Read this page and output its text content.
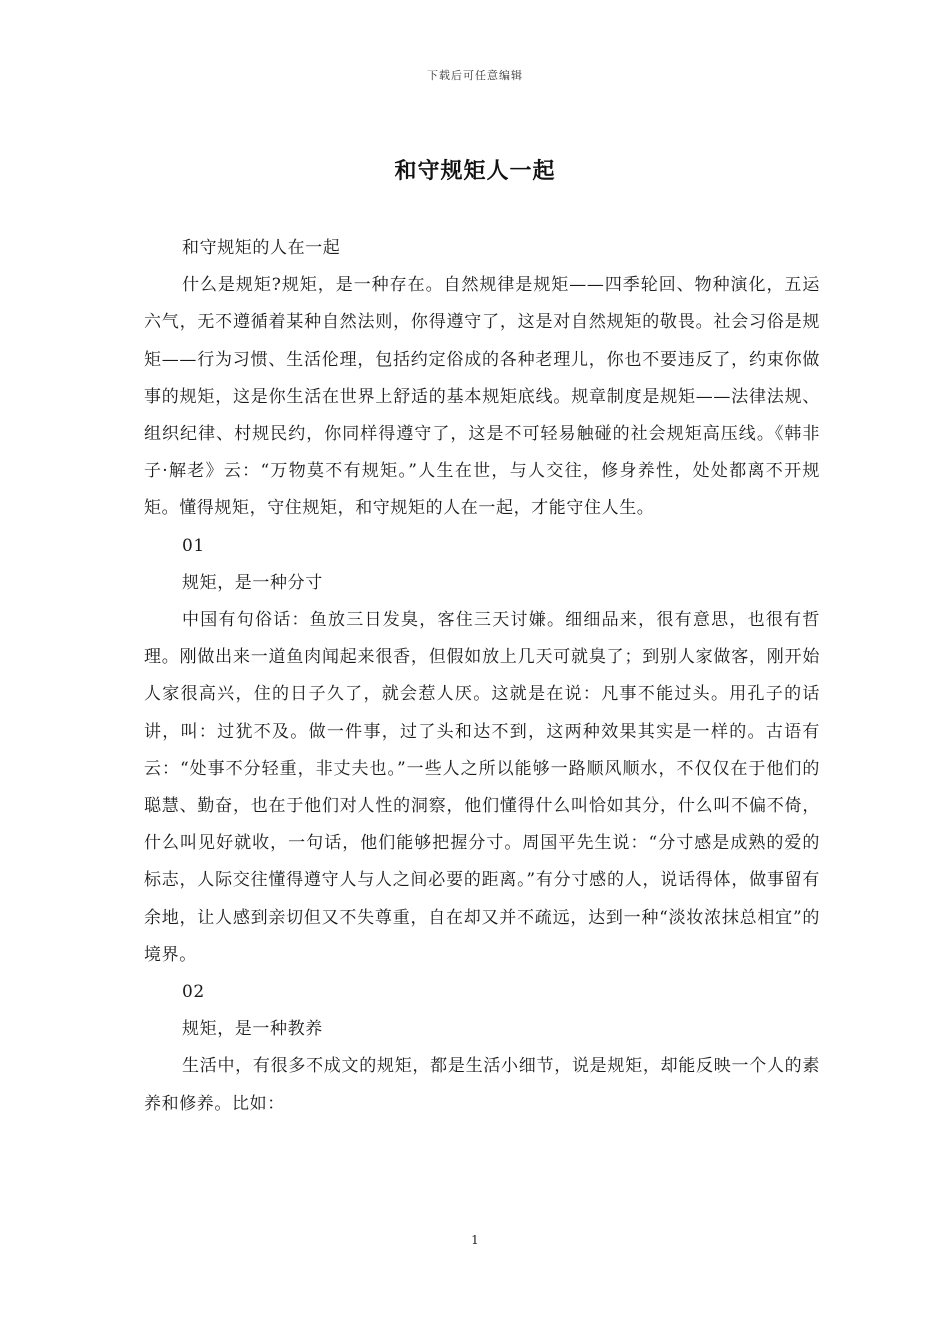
下载后可任意编辑
和守规矩人一起

和守规矩的人在一起

什么是规矩?规矩，是一种存在。自然规律是规矩——四季轮回、物种演化，五运六气，无不遵循着某种自然法则，你得遵守了，这是对自然规矩的敬畏。社会习俗是规矩——行为习惯、生活伦理，包括约定俗成的各种老理儿，你也不要违反了，约束你做事的规矩，这是你生活在世界上舒适的基本规矩底线。规章制度是规矩——法律法规、组织纪律、村规民约，你同样得遵守了，这是不可轻易触碰的社会规矩高压线。《韩非子·解老》云：“万物莫不有规矩。”人生在世，与人交往，修身养性，处处都离不开规矩。懂得规矩，守住规矩，和守规矩的人在一起，才能守住人生。

01

规矩，是一种分寸

中国有句俗话：鱼放三日发臭，客住三天讨嫌。细细品来，很有意思，也很有哲理。刚做出来一道鱼肉闻起来很香，但假如放上几天可就臭了；到别人家做客，刚开始人家很高兴，住的日子久了，就会惹人厌。这就是在说：凡事不能过头。用孔子的话讲，叫：过犹不及。做一件事，过了头和达不到，这两种效果其实是一样的。古语有云：“处事不分轻重，非丈夫也。”一些人之所以能够一路顺风顺水，不仅仅在于他们的聪慧、勤奋，也在于他们对人性的洞察，他们懂得什么叫恰如其分，什么叫不偏不倚，什么叫见好就收，一句话，他们能够把握分寸。周国平先生说：“分寸感是成熟的爱的标志，人际交往懂得遵守人与人之间必要的距离。”有分寸感的人，说话得体，做事留有余地，让人感到亲切但又不失尊重，自在却又并不疏远，达到一种“淡妆浓抹总相宜”的境界。

02

规矩，是一种教养

生活中，有很多不成文的规矩，都是生活小细节，说是规矩，却能反映一个人的素养和修养。比如：

1
